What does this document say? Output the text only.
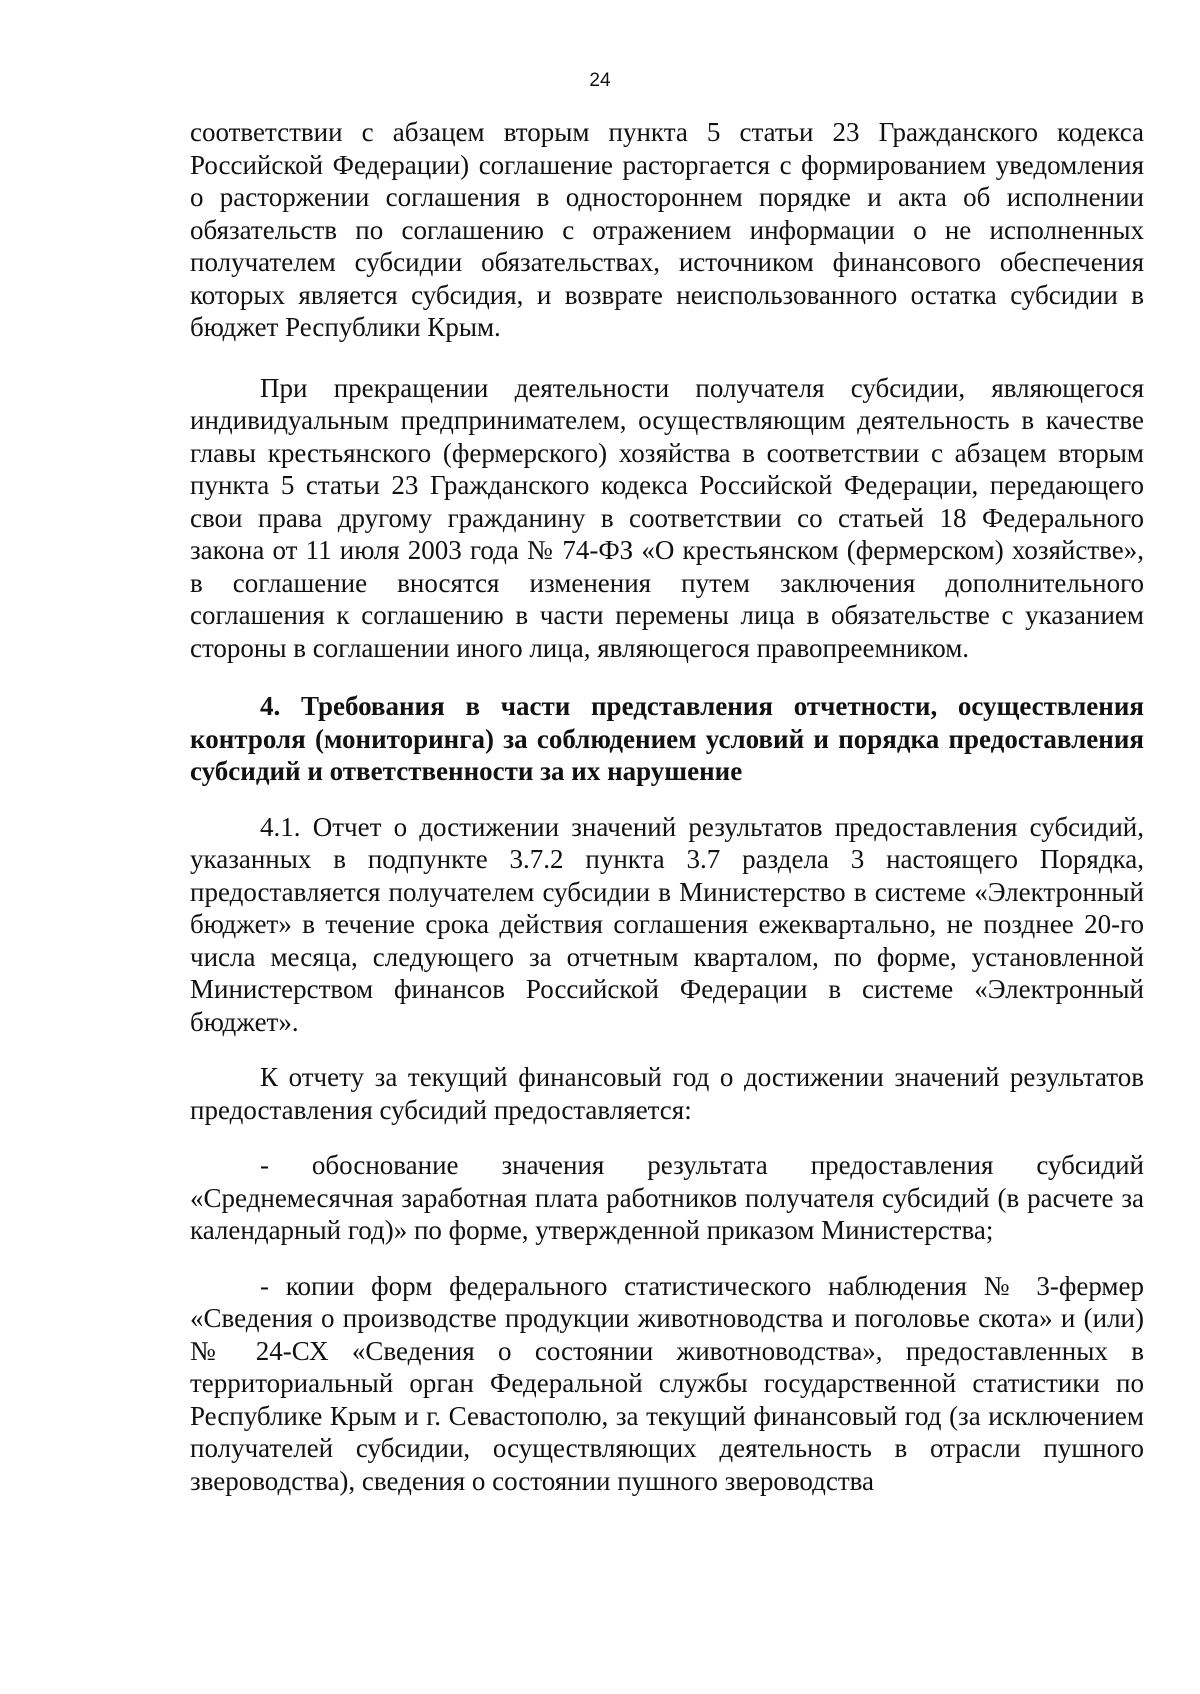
24

соответствии с абзацем вторым пункта 5 статьи 23 Гражданского кодекса Российской Федерации) соглашение расторгается с формированием уведомления о расторжении соглашения в одностороннем порядке и акта об исполнении обязательств по соглашению с отражением информации о не исполненных получателем субсидии обязательствах, источником финансового обеспечения которых является субсидия, и возврате неиспользованного остатка субсидии в бюджет Республики Крым.

При прекращении деятельности получателя субсидии, являющегося индивидуальным предпринимателем, осуществляющим деятельность в качестве главы крестьянского (фермерского) хозяйства в соответствии с абзацем вторым пункта 5 статьи 23 Гражданского кодекса Российской Федерации, передающего свои права другому гражданину в соответствии со статьей 18 Федерального закона от 11 июля 2003 года № 74-ФЗ «О крестьянском (фермерском) хозяйстве», в соглашение вносятся изменения путем заключения дополнительного соглашения к соглашению в части перемены лица в обязательстве с указанием стороны в соглашении иного лица, являющегося правопреемником.

4. Требования в части представления отчетности, осуществления контроля (мониторинга) за соблюдением условий и порядка предоставления субсидий и ответственности за их нарушение

4.1. Отчет о достижении значений результатов предоставления субсидий, указанных в подпункте 3.7.2 пункта 3.7 раздела 3 настоящего Порядка, предоставляется получателем субсидии в Министерство в системе «Электронный бюджет» в течение срока действия соглашения ежеквартально, не позднее 20-го числа месяца, следующего за отчетным кварталом, по форме, установленной Министерством финансов Российской Федерации в системе «Электронный бюджет».

К отчету за текущий финансовый год о достижении значений результатов предоставления субсидий предоставляется:

- обоснование значения результата предоставления субсидий «Среднемесячная заработная плата работников получателя субсидий (в расчете за календарный год)» по форме, утвержденной приказом Министерства;

- копии форм федерального статистического наблюдения № 3-фермер «Сведения о производстве продукции животноводства и поголовье скота» и (или) № 24-СХ «Сведения о состоянии животноводства», предоставленных в территориальный орган Федеральной службы государственной статистики по Республике Крым и г. Севастополю, за текущий финансовый год (за исключением получателей субсидии, осуществляющих деятельность в отрасли пушного звероводства), сведения о состоянии пушного звероводства
